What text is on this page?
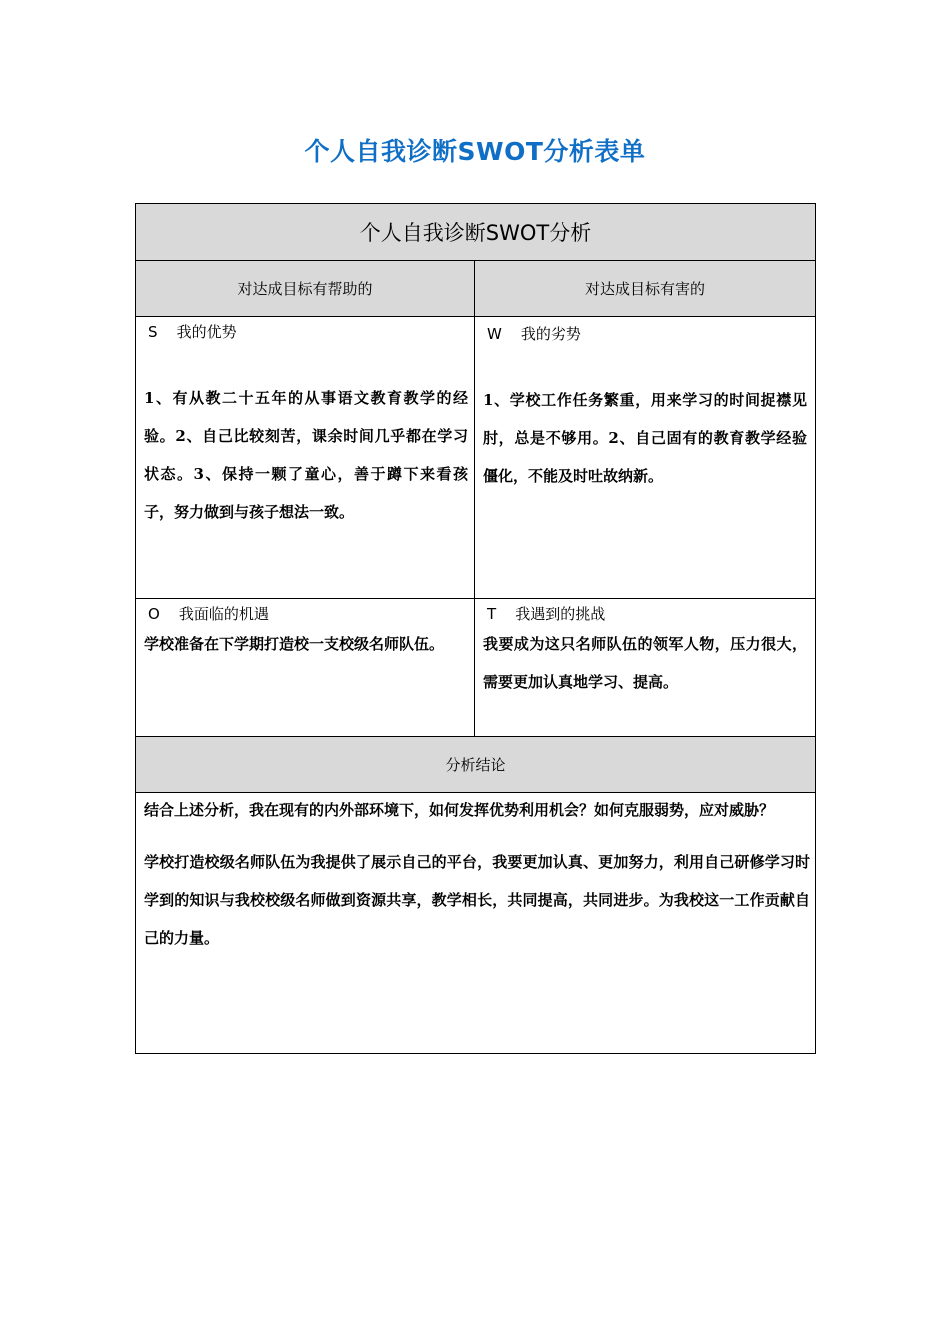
个人自我诊断SWOT分析表单
个人自我诊断SWOT分析
对达成目标有帮助的	对达成目标有害的
S    我的优势
1、有从教二十五年的从事语文教育教学的经验。2、自己比较刻苦，课余时间几乎都在学习状态。3、保持一颗了童心，善于蹲下来看孩子，努力做到与孩子想法一致。
W    我的劣势
1、学校工作任务繁重，用来学习的时间捉襟见肘，总是不够用。2、自己固有的教育教学经验僵化，不能及时吐故纳新。
O    我面临的机遇
学校准备在下学期打造校一支校级名师队伍。
T    我遇到的挑战
我要成为这只名师队伍的领军人物，压力很大，需要更加认真地学习、提高。
分析结论
结合上述分析，我在现有的内外部环境下，如何发挥优势利用机会？如何克服弱势，应对威胁？
学校打造校级名师队伍为我提供了展示自己的平台，我要更加认真、更加努力，利用自己研修学习时学到的知识与我校校级名师做到资源共享，教学相长，共同提高，共同进步。为我校这一工作贡献自己的力量。
